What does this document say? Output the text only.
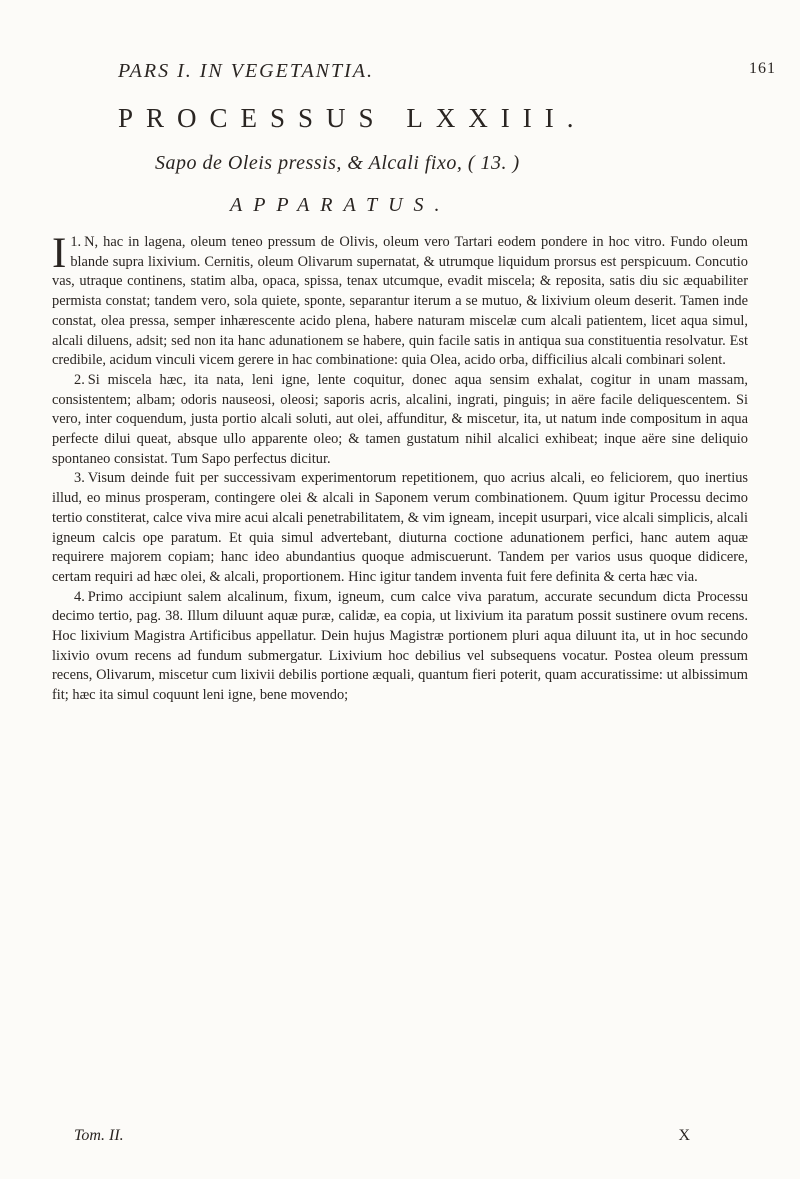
PARS I. IN VEGETANTIA.	161
PROCESSUS LXXIII.
Sapo de Oleis pressis, & Alcali fixo, ( 13. )
APPARATUS.

1.
I N, hac in lagena, oleum teneo pressum de Olivis, oleum vero Tartari eodem pondere in hoc vitro. Fundo oleum blande supra lixivium. Cernitis, oleum Olivarum supernatat, & utrumque liquidum prorsus est perspicuum. Concutio vas, utraque continens, statim alba, opaca, spissa, tenax utcumque, evadit miscela; & reposita, satis diu sic æquabiliter permista constat; tandem vero, sola quiete, sponte, separantur iterum a se mutuo, & lixivium oleum deserit. Tamen inde constat, olea pressa, semper inhærescente acido plena, habere naturam miscelæ cum alcali patientem, licet aqua simul, alcali diluens, adsit; sed non ita hanc adunationem se habere, quin facile satis in antiqua sua constituentia resolvatur. Est credibile, acidum vinculi vicem gerere in hac combinatione: quia Olea, acido orba, difficilius alcali combinari solent.

2. Si miscela hæc, ita nata, leni igne, lente coquitur, donec aqua sensim exhalat, cogitur in unam massam, consistentem; albam; odoris nauseosi, oleosi; saporis acris, alcalini, ingrati, pinguis; in aëre facile deliquescentem. Si vero, inter coquendum, justa portio alcali soluti, aut olei, affunditur, & miscetur, ita, ut natum inde compositum in aqua perfecte dilui queat, absque ullo apparente oleo; & tamen gustatum nihil alcalici exhibeat; inque aëre sine deliquio spontaneo consistat. Tum Sapo perfectus dicitur.

3. Visum deinde fuit per successivam experimentorum repetitionem, quo acrius alcali, eo feliciorem, quo inertius illud, eo minus prosperam, contingere olei & alcali in Saponem verum combinationem. Quum igitur Processu decimo tertio constiterat, calce viva mire acui alcali penetrabilitatem, & vim igneam, incepit usurpari, vice alcali simplicis, alcali igneum calcis ope paratum. Et quia simul advertebant, diuturna coctione adunationem perfici, hanc autem aquæ requirere majorem copiam; hanc ideo abundantius quoque admiscuerunt. Tandem per varios usus quoque didicere, certam requiri ad hæc olei, & alcali, proportionem. Hinc igitur tandem inventa fuit fere definita & certa hæc via.

4. Primo accipiunt salem alcalinum, fixum, igneum, cum calce viva paratum, accurate secundum dicta Processu decimo tertio, pag. 38. Illum diluunt aquæ puræ, calidæ, ea copia, ut lixivium ita paratum possit sustinere ovum recens. Hoc lixivium Magistra Artificibus appellatur. Dein hujus Magistræ portionem pluri aqua diluunt ita, ut in hoc secundo lixivio ovum recens ad fundum submergatur. Lixivium hoc debilius vel subsequens vocatur. Postea oleum pressum recens, Olivarum, miscetur cum lixivii debilis portione æquali, quantum fieri poterit, quam accuratissime: ut albissimum fit; hæc ita simul coquunt leni igne, bene movendo;

Tom. II.	X
